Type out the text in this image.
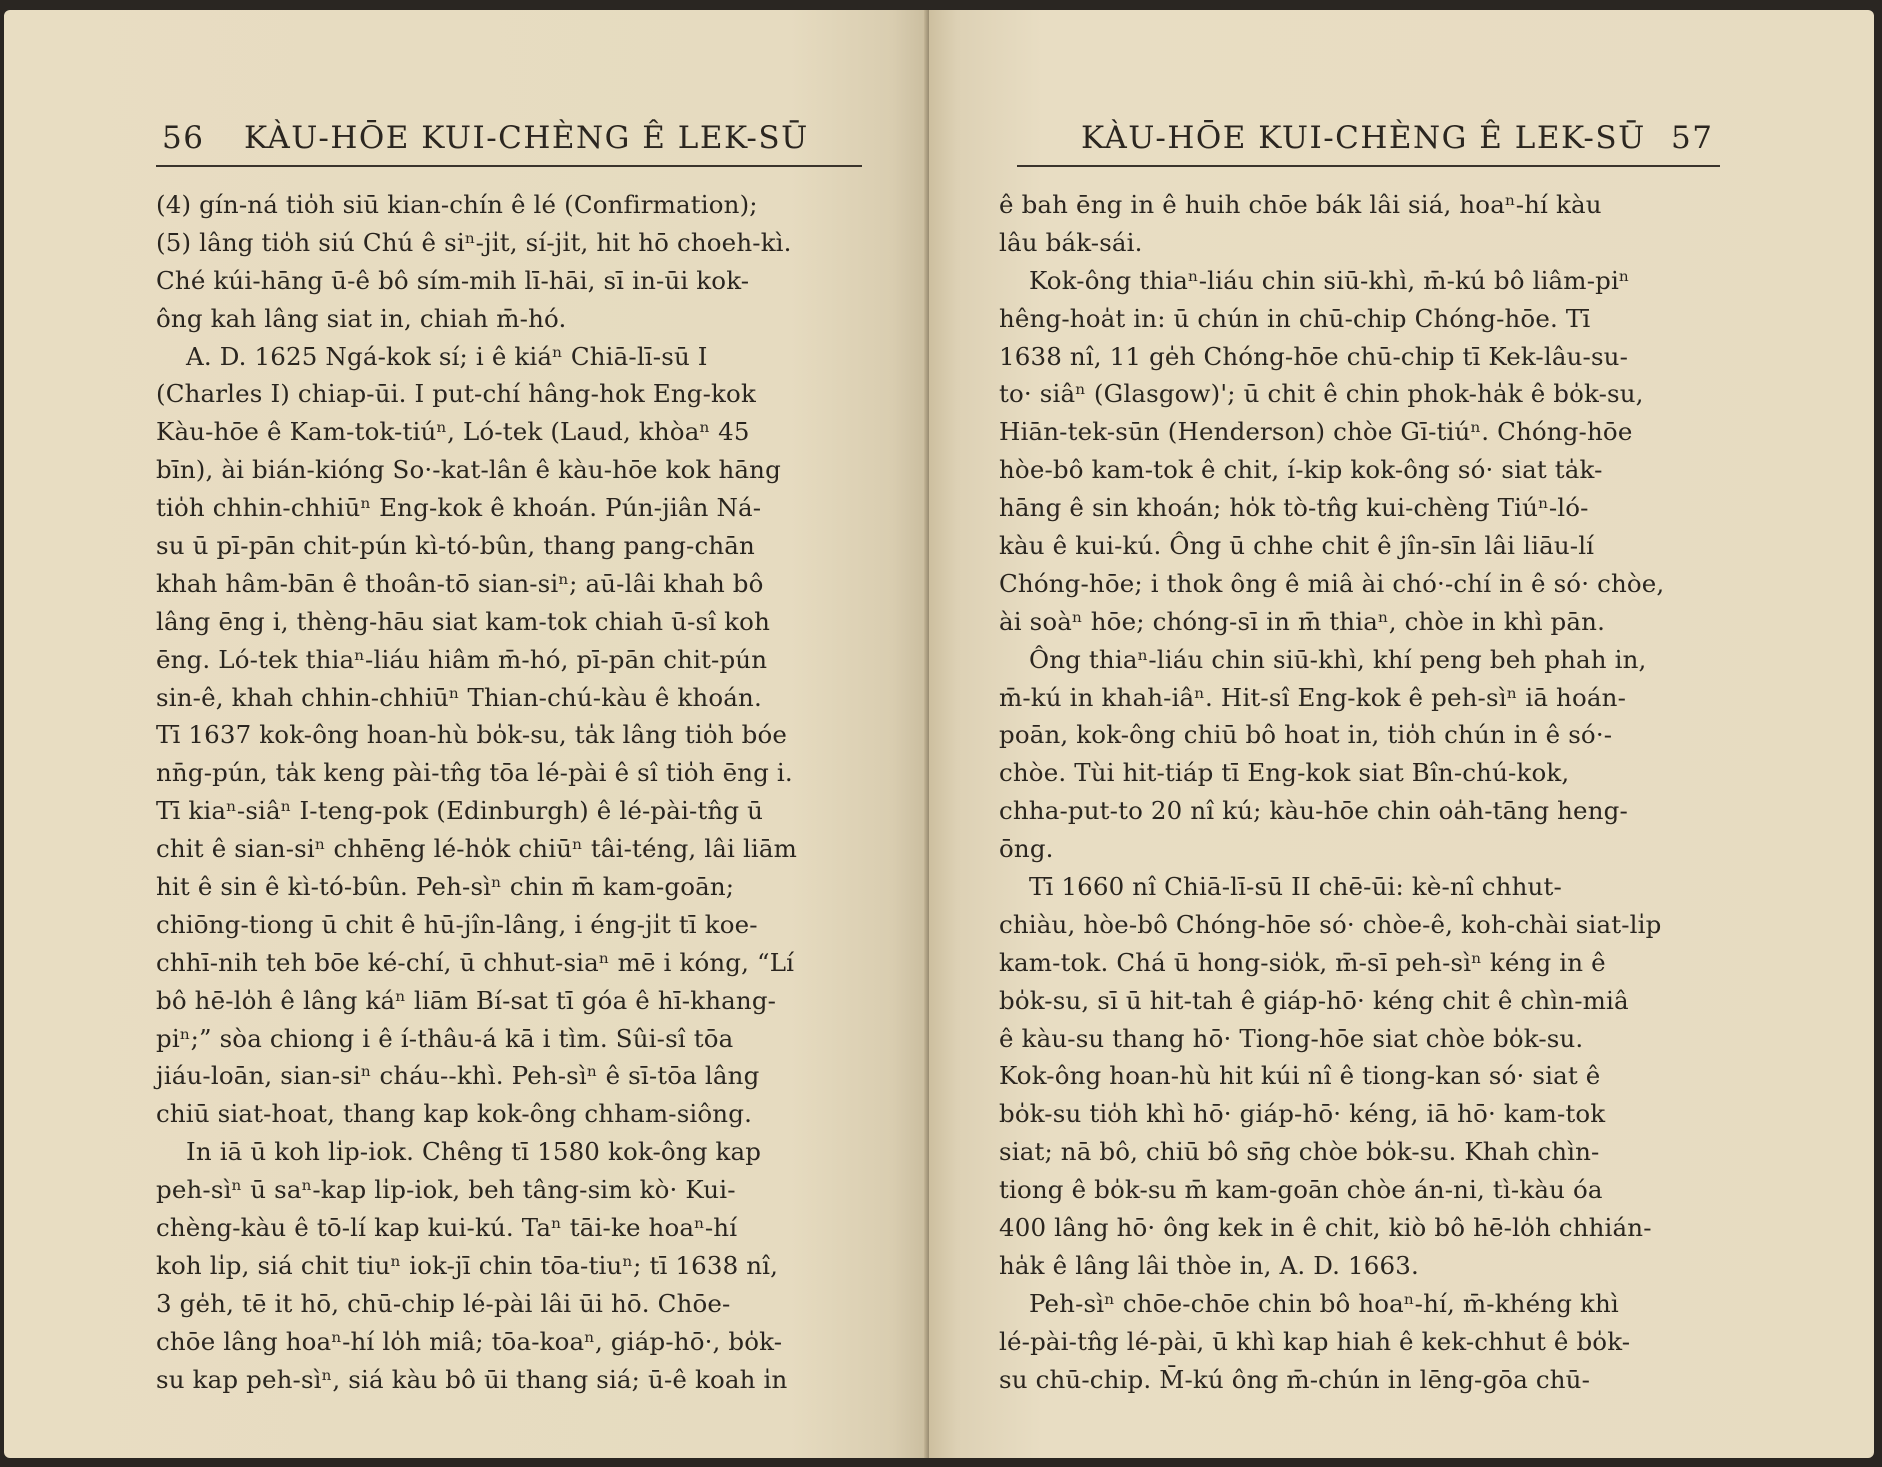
56 KÀU-HŌE KUI-CHÈNG Ê LEK-SŪ
(4) gín-ná tio̍h siū kian-chín ê lé (Confirmation);
(5) lâng tio̍h siú Chú ê siⁿ-ji̍t, sí-ji̍t, hit hō choeh-kì.
Ché kúi-hāng ū-ê bô sím-mih lī-hāi, sī in-ūi kok-
ông kah lâng siat in, chiah m̄-hó.
A. D. 1625 Ngá-kok sí; i ê kiáⁿ Chiā-lī-sū I
(Charles I) chiap-ūi. I put-chí hâng-hok Eng-kok
Kàu-hōe ê Kam-tok-tiúⁿ, Ló-tek (Laud, khòaⁿ 45
bīn), ài bián-kióng So·-kat-lân ê kàu-hōe kok hāng
tio̍h chhin-chhiūⁿ Eng-kok ê khoán. Pún-jiân Ná-
su ū pī-pān chit-pún kì-tó-bûn, thang pang-chān
khah hâm-bān ê thoân-tō sian-siⁿ; aū-lâi khah bô
lâng ēng i, thèng-hāu siat kam-tok chiah ū-sî koh
ēng. Ló-tek thiaⁿ-liáu hiâm m̄-hó, pī-pān chit-pún
sin-ê, khah chhin-chhiūⁿ Thian-chú-kàu ê khoán.
Tī 1637 kok-ông hoan-hù bo̍k-su, ta̍k lâng tio̍h bóe
nn̄g-pún, ta̍k keng pài-tn̂g tōa lé-pài ê sî tio̍h ēng i.
Tī kiaⁿ-siâⁿ I-teng-pok (Edinburgh) ê lé-pài-tn̂g ū
chit ê sian-siⁿ chhēng lé-ho̍k chiūⁿ tâi-téng, lâi liām
hit ê sin ê kì-tó-bûn. Peh-sìⁿ chin m̄ kam-goān;
chiōng-tiong ū chit ê hū-jîn-lâng, i éng-ji̍t tī koe-
chhī-nih teh bōe ké-chí, ū chhut-siaⁿ mē i kóng, “Lí
bô hē-lo̍h ê lâng káⁿ liām Bí-sat tī góa ê hī-khang-
piⁿ;” sòa chiong i ê í-thâu-á kā i tìm. Sûi-sî tōa
jiáu-loān, sian-siⁿ cháu--khì. Peh-sìⁿ ê sī-tōa lâng
chiū siat-hoat, thang kap kok-ông chham-siông.
In iā ū koh li̍p-iok. Chêng tī 1580 kok-ông kap
peh-sìⁿ ū saⁿ-kap li̍p-iok, beh tâng-sim kò· Kui-
chèng-kàu ê tō-lí kap kui-kú. Taⁿ tāi-ke hoaⁿ-hí
koh li̍p, siá chit tiuⁿ iok-jī chin tōa-tiuⁿ; tī 1638 nî,
3 ge̍h, tē it hō, chū-chip lé-pài lâi ūi hō. Chōe-
chōe lâng hoaⁿ-hí lo̍h miâ; tōa-koaⁿ, giáp-hō·, bo̍k-
su kap peh-sìⁿ, siá kàu bô ūi thang siá; ū-ê koah i̍n
KÀU-HŌE KUI-CHÈNG Ê LEK-SŪ 57
ê bah ēng in ê huih chōe bák lâi siá, hoaⁿ-hí kàu
lâu bák-sái.
Kok-ông thiaⁿ-liáu chin siū-khì, m̄-kú bô liâm-piⁿ
hêng-hoa̍t in: ū chún in chū-chip Chóng-hōe. Tī
1638 nî, 11 ge̍h Chóng-hōe chū-chip tī Kek-lâu-su-
to· siâⁿ (Glasgow)'; ū chit ê chin phok-ha̍k ê bo̍k-su,
Hiān-tek-sūn (Henderson) chòe Gī-tiúⁿ. Chóng-hōe
hòe-bô kam-tok ê chit, í-kip kok-ông só· siat ta̍k-
hāng ê sin khoán; ho̍k tò-tn̂g kui-chèng Tiúⁿ-ló-
kàu ê kui-kú. Ông ū chhe chit ê jîn-sīn lâi liāu-lí
Chóng-hōe; i thok ông ê miâ ài chó·-chí in ê só· chòe,
ài soàⁿ hōe; chóng-sī in m̄ thiaⁿ, chòe in khì pān.
Ông thiaⁿ-liáu chin siū-khì, khí peng beh phah in,
m̄-kú in khah-iâⁿ. Hit-sî Eng-kok ê peh-sìⁿ iā hoán-
poān, kok-ông chiū bô hoat in, tio̍h chún in ê só·-
chòe. Tùi hit-tiáp tī Eng-kok siat Bîn-chú-kok,
chha-put-to 20 nî kú; kàu-hōe chin oa̍h-tāng heng-
ōng.
Tī 1660 nî Chiā-lī-sū II chē-ūi: kè-nî chhut-
chiàu, hòe-bô Chóng-hōe só· chòe-ê, koh-chài siat-li̍p
kam-tok. Chá ū hong-sio̍k, m̄-sī peh-sìⁿ kéng in ê
bo̍k-su, sī ū hit-tah ê giáp-hō· kéng chit ê chìn-miâ
ê kàu-su thang hō· Tiong-hōe siat chòe bo̍k-su.
Kok-ông hoan-hù hit kúi nî ê tiong-kan só· siat ê
bo̍k-su tio̍h khì hō· giáp-hō· kéng, iā hō· kam-tok
siat; nā bô, chiū bô sn̄g chòe bo̍k-su. Khah chìn-
tiong ê bo̍k-su m̄ kam-goān chòe án-ni, tì-kàu óa
400 lâng hō· ông kek in ê chit, kiò bô hē-lo̍h chhián-
ha̍k ê lâng lâi thòe in, A. D. 1663.
Peh-sìⁿ chōe-chōe chin bô hoaⁿ-hí, m̄-khéng khì
lé-pài-tn̂g lé-pài, ū khì kap hiah ê kek-chhut ê bo̍k-
su chū-chip. M̄-kú ông m̄-chún in lēng-gōa chū-
